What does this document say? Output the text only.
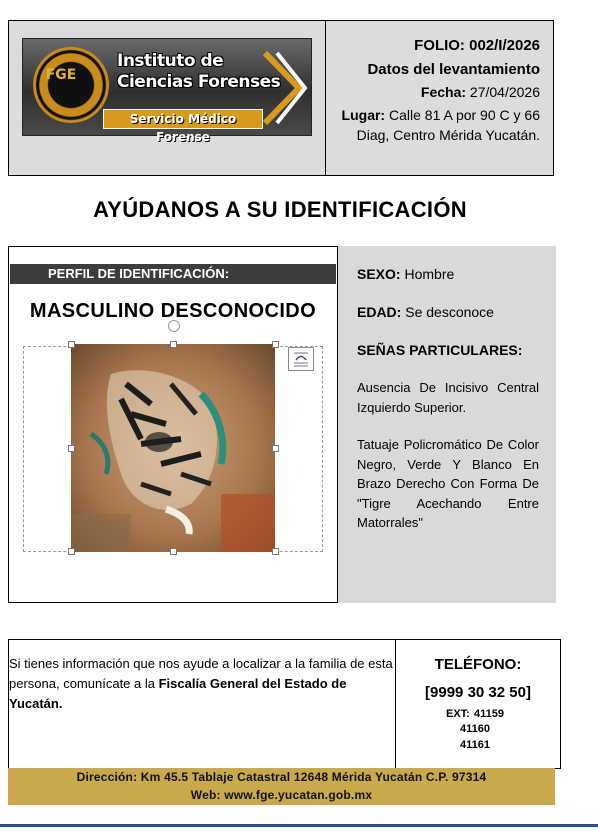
FGE
Instituto de
Ciencias Forenses
Servicio Médico Forense
FOLIO: 002/I/2026
Datos del levantamiento
Fecha: 27/04/2026
Lugar: Calle 81 A por 90 C y 66 Diag, Centro Mérida Yucatán.
AYÚDANOS A SU IDENTIFICACIÓN
PERFIL DE IDENTIFICACIÓN:
MASCULINO DESCONOCIDO
SEXO: Hombre
EDAD: Se desconoce
SEÑAS PARTICULARES:
Ausencia De Incisivo Central Izquierdo Superior.
Tatuaje Policromático De Color Negro, Verde Y Blanco En Brazo Derecho Con Forma De "Tigre Acechando Entre Matorrales"
Si tienes información que nos ayude a localizar a la familia de esta persona, comunícate a la Fiscalía General del Estado de Yucatán.
TELÉFONO:
[9999 30 32 50]
EXT: 41159
41160
41161
Dirección: Km 45.5 Tablaje Catastral 12648 Mérida Yucatán C.P. 97314
Web: www.fge.yucatan.gob.mx
